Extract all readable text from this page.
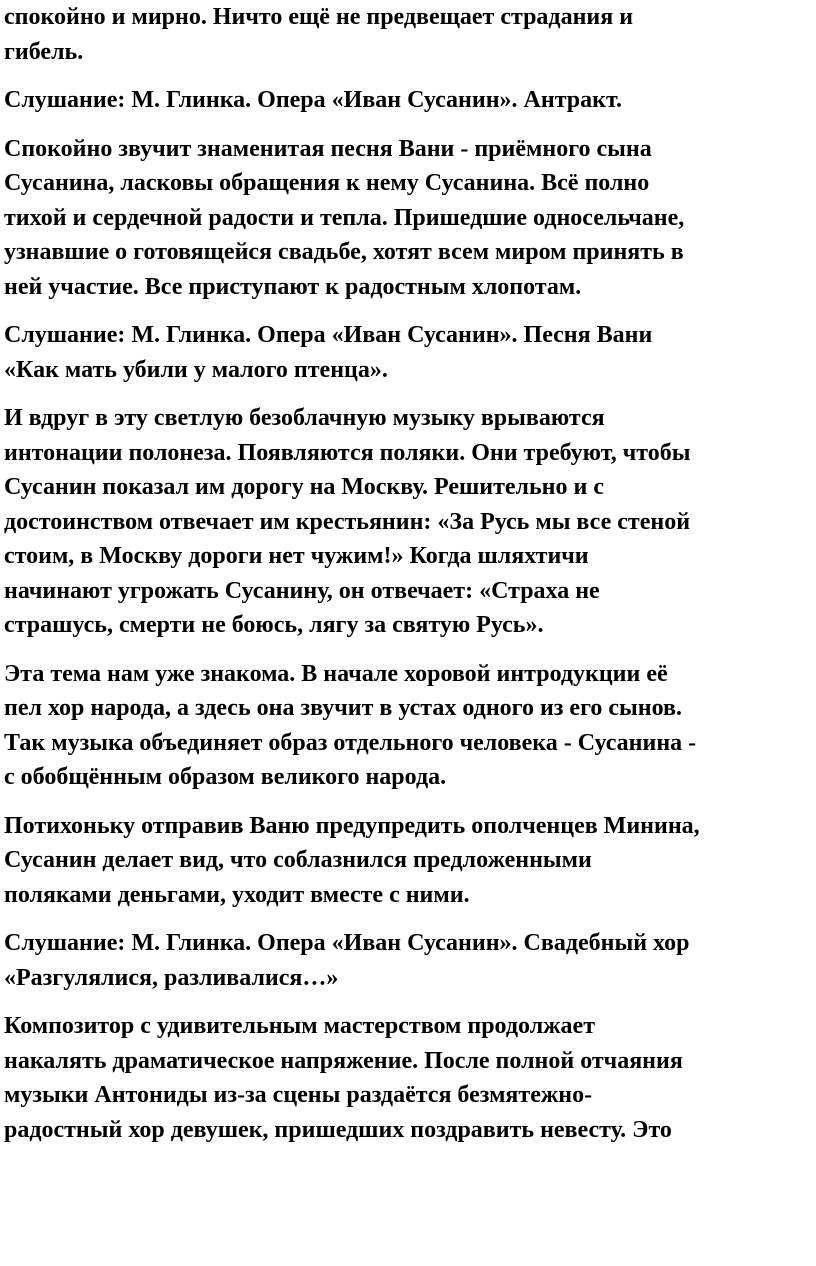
спокойно и мирно. Ничто ещё не предвещает страдания и
гибель.

Слушание: М. Глинка. Опера «Иван Сусанин». Антракт.

Спокойно звучит знаменитая песня Вани - приёмного сына
Сусанина, ласковы обращения к нему Сусанина. Всё полно
тихой и сердечной радости и тепла. Пришедшие односельчане,
узнавшие о готовящейся свадьбе, хотят всем миром принять в
ней участие. Все приступают к радостным хлопотам.

Слушание: М. Глинка. Опера «Иван Сусанин». Песня Вани
«Как мать убили у малого птенца».

И вдруг в эту светлую безоблачную музыку врываются
интонации полонеза. Появляются поляки. Они требуют, чтобы
Сусанин показал им дорогу на Москву. Решительно и с
достоинством отвечает им крестьянин: «За Русь мы все стеной
стоим, в Москву дороги нет чужим!» Когда шляхтичи
начинают угрожать Сусанину, он отвечает: «Страха не
страшусь, смерти не боюсь, лягу за святую Русь».

Эта тема нам уже знакома. В начале хоровой интродукции её
пел хор народа, а здесь она звучит в устах одного из его сынов.
Так музыка объединяет образ отдельного человека - Сусанина -
с обобщённым образом великого народа.

Потихоньку отправив Ваню предупредить ополченцев Минина,
Сусанин делает вид, что соблазнился предложенными
поляками деньгами, уходит вместе с ними.

Слушание: М. Глинка. Опера «Иван Сусанин». Свадебный хор
«Разгулялися, разливалися…»

Композитор с удивительным мастерством продолжает
накалять драматическое напряжение. После полной отчаяния
музыки Антониды из-за сцены раздаётся безмятежно-
радостный хор девушек, пришедших поздравить невесту. Это
